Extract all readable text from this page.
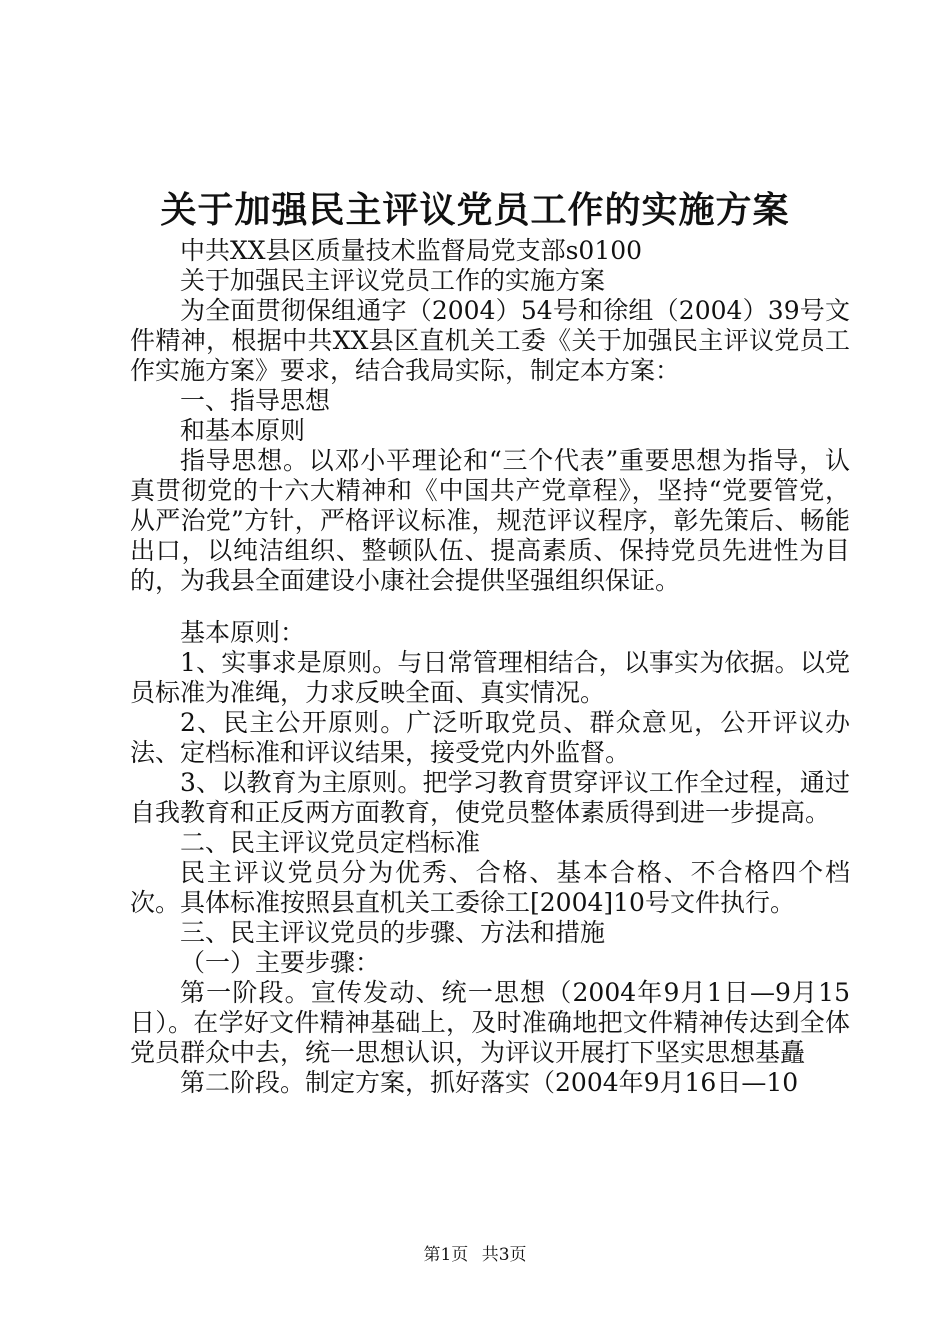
关于加强民主评议党员工作的实施方案

中共XX县区质量技术监督局党支部s0100

关于加强民主评议党员工作的实施方案

为全面贯彻保组通字（2004）54号和徐组（2004）39号文件精神，根据中共XX县区直机关工委《关于加强民主评议党员工作实施方案》要求，结合我局实际，制定本方案：

一、指导思想

和基本原则

指导思想。以邓小平理论和“三个代表”重要思想为指导，认真贯彻党的十六大精神和《中国共产党章程》，坚持“党要管党，从严治党”方针，严格评议标准，规范评议程序，彰先策后、畅能出口，以纯洁组织、整顿队伍、提高素质、保持党员先进性为目的，为我县全面建设小康社会提供坚强组织保证。

基本原则：

1、实事求是原则。与日常管理相结合，以事实为依据。以党员标准为准绳，力求反映全面、真实情况。

2、民主公开原则。广泛听取党员、群众意见，公开评议办法、定档标准和评议结果，接受党内外监督。

3、以教育为主原则。把学习教育贯穿评议工作全过程，通过自我教育和正反两方面教育，使党员整体素质得到进一步提高。

二、民主评议党员定档标准

民主评议党员分为优秀、合格、基本合格、不合格四个档次。具体标准按照县直机关工委徐工[2004]10号文件执行。

三、民主评议党员的步骤、方法和措施

（一）主要步骤：

第一阶段。宣传发动、统一思想（2004年9月1日—9月15日）。在学好文件精神基础上，及时准确地把文件精神传达到全体党员群众中去，统一思想认识，为评议开展打下坚实思想基矗

第二阶段。制定方案，抓好落实（2004年9月16日—10

第1页 共3页
